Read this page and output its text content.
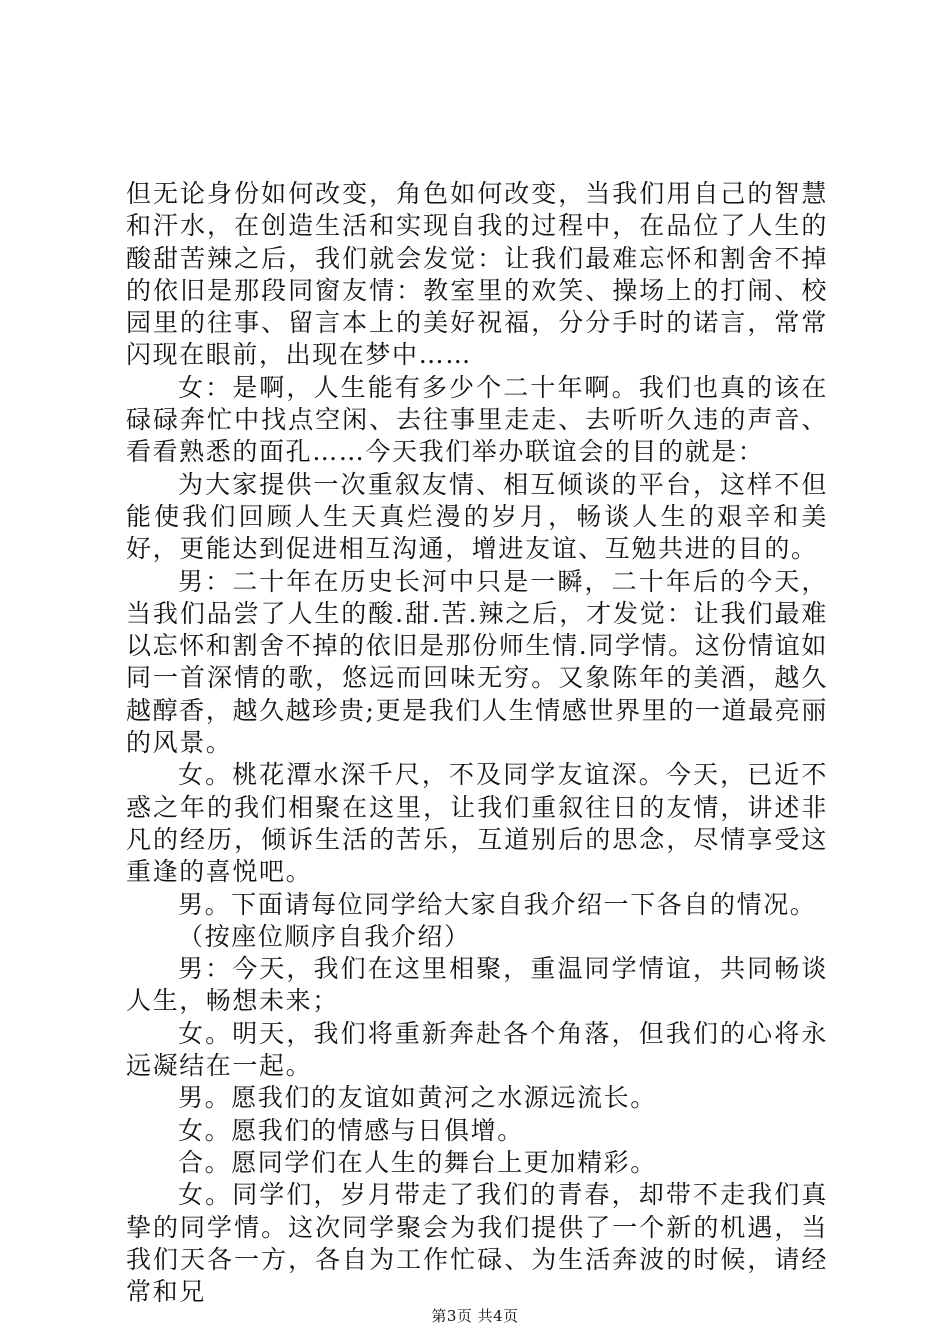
但无论身份如何改变，角色如何改变，当我们用自己的智慧和汗水，在创造生活和实现自我的过程中，在品位了人生的酸甜苦辣之后，我们就会发觉：让我们最难忘怀和割舍不掉的依旧是那段同窗友情：教室里的欢笑、操场上的打闹、校园里的往事、留言本上的美好祝福，分分手时的诺言，常常闪现在眼前，出现在梦中……

女：是啊，人生能有多少个二十年啊。我们也真的该在碌碌奔忙中找点空闲、去往事里走走、去听听久违的声音、看看熟悉的面孔……今天我们举办联谊会的目的就是：

为大家提供一次重叙友情、相互倾谈的平台，这样不但能使我们回顾人生天真烂漫的岁月，畅谈人生的艰辛和美好，更能达到促进相互沟通，增进友谊、互勉共进的目的。

男：二十年在历史长河中只是一瞬，二十年后的今天，当我们品尝了人生的酸.甜.苦.辣之后，才发觉：让我们最难以忘怀和割舍不掉的依旧是那份师生情.同学情。这份情谊如同一首深情的歌，悠远而回味无穷。又象陈年的美酒，越久越醇香，越久越珍贵;更是我们人生情感世界里的一道最亮丽的风景。

女。桃花潭水深千尺，不及同学友谊深。今天，已近不惑之年的我们相聚在这里，让我们重叙往日的友情，讲述非凡的经历，倾诉生活的苦乐，互道别后的思念，尽情享受这重逢的喜悦吧。

男。下面请每位同学给大家自我介绍一下各自的情况。

（按座位顺序自我介绍）

男：今天，我们在这里相聚，重温同学情谊，共同畅谈人生，畅想未来；

女。明天，我们将重新奔赴各个角落，但我们的心将永远凝结在一起。

男。愿我们的友谊如黄河之水源远流长。

女。愿我们的情感与日俱增。

合。愿同学们在人生的舞台上更加精彩。

女。同学们，岁月带走了我们的青春，却带不走我们真挚的同学情。这次同学聚会为我们提供了一个新的机遇，当我们天各一方，各自为工作忙碌、为生活奔波的时候，请经常和兄

第3页 共4页
